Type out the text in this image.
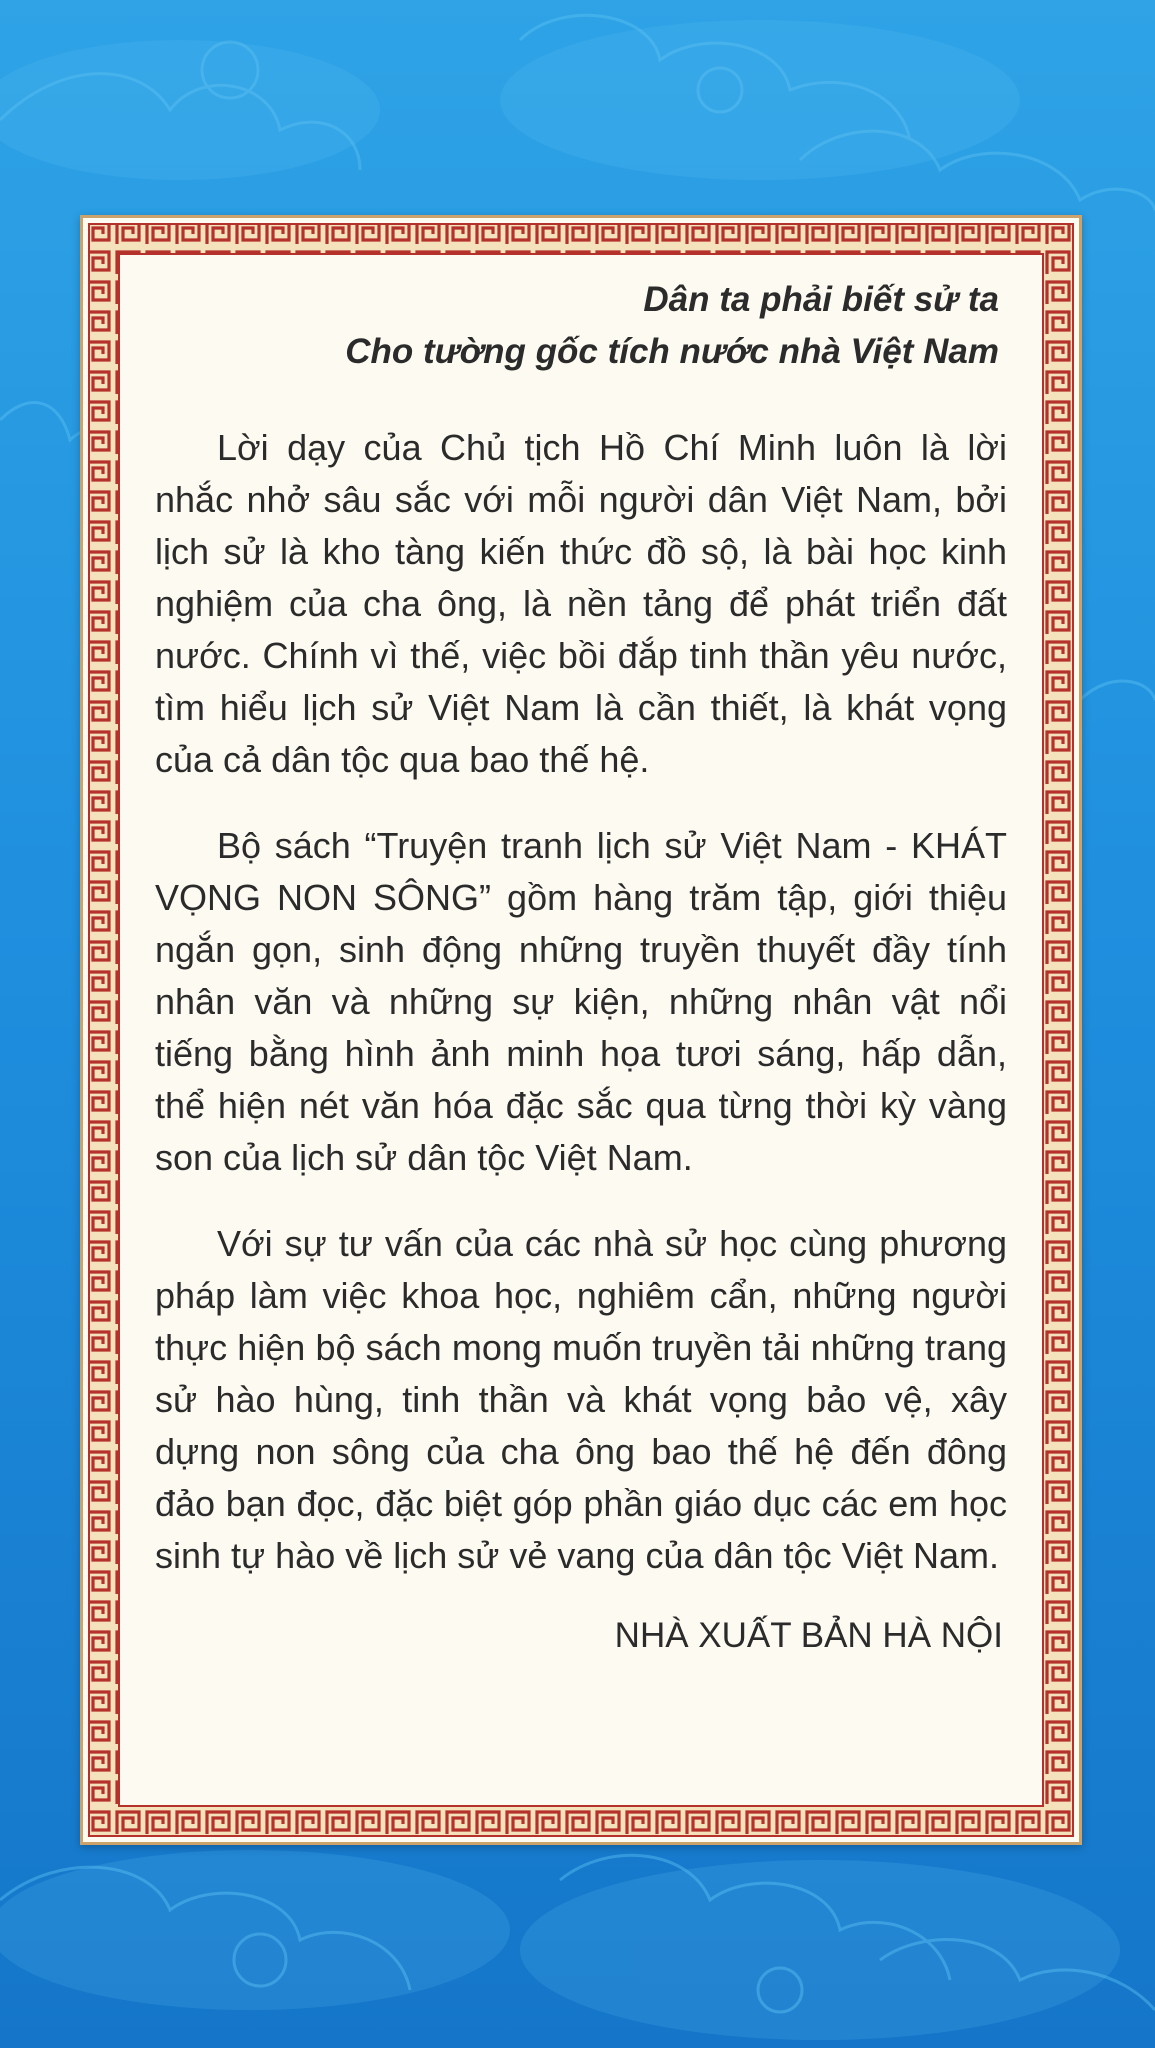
Dân ta phải biết sử ta
Cho tường gốc tích nước nhà Việt Nam

Lời dạy của Chủ tịch Hồ Chí Minh luôn là lời nhắc nhở sâu sắc với mỗi người dân Việt Nam, bởi lịch sử là kho tàng kiến thức đồ sộ, là bài học kinh nghiệm của cha ông, là nền tảng để phát triển đất nước. Chính vì thế, việc bồi đắp tinh thần yêu nước, tìm hiểu lịch sử Việt Nam là cần thiết, là khát vọng của cả dân tộc qua bao thế hệ.

Bộ sách “Truyện tranh lịch sử Việt Nam - KHÁT VỌNG NON SÔNG” gồm hàng trăm tập, giới thiệu ngắn gọn, sinh động những truyền thuyết đầy tính nhân văn và những sự kiện, những nhân vật nổi tiếng bằng hình ảnh minh họa tươi sáng, hấp dẫn, thể hiện nét văn hóa đặc sắc qua từng thời kỳ vàng son của lịch sử dân tộc Việt Nam.

Với sự tư vấn của các nhà sử học cùng phương pháp làm việc khoa học, nghiêm cẩn, những người thực hiện bộ sách mong muốn truyền tải những trang sử hào hùng, tinh thần và khát vọng bảo vệ, xây dựng non sông của cha ông bao thế hệ đến đông đảo bạn đọc, đặc biệt góp phần giáo dục các em học sinh tự hào về lịch sử vẻ vang của dân tộc Việt Nam.

NHÀ XUẤT BẢN HÀ NỘI
